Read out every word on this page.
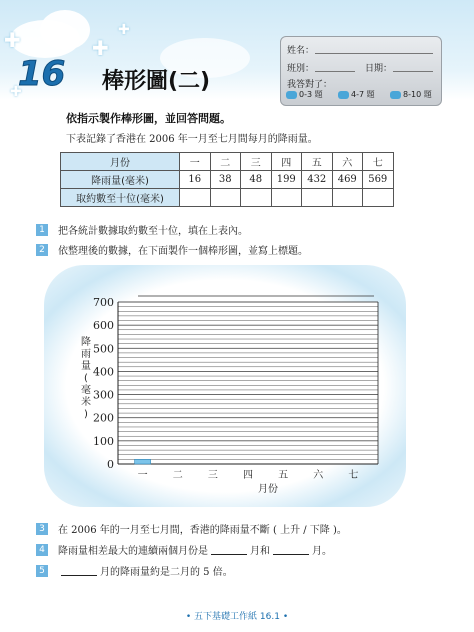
✚	✚
✚
✚
16 棒形圖(二)
姓名：
班別：	日期：
我答對了：
0-3 題	4-7 題	8-10 題
依指示製作棒形圖，並回答問題。
下表記錄了香港在 2006 年一月至七月間每月的降雨量。
月份	一	二	三	四	五	六	七
降雨量(毫米)	16	38	48	199	432	469	569
取約數至十位(毫米)							
1	把各統計數據取約數至十位，填在上表內。
2	依整理後的數據，在下面製作一個棒形圖，並寫上標題。
0
100
200
300
400
500
600
700
一	二	三	四	五	六	七
月份
降
雨
量
(
毫
米
)
3	在 2006 年的一月至七月間，香港的降雨量不斷 ( 上升 / 下降 )。
4	降雨量相差最大的連續兩個月份是	月和	月。
5	月的降雨量約是二月的 5 倍。
• 五下基礎工作紙 16.1 •
